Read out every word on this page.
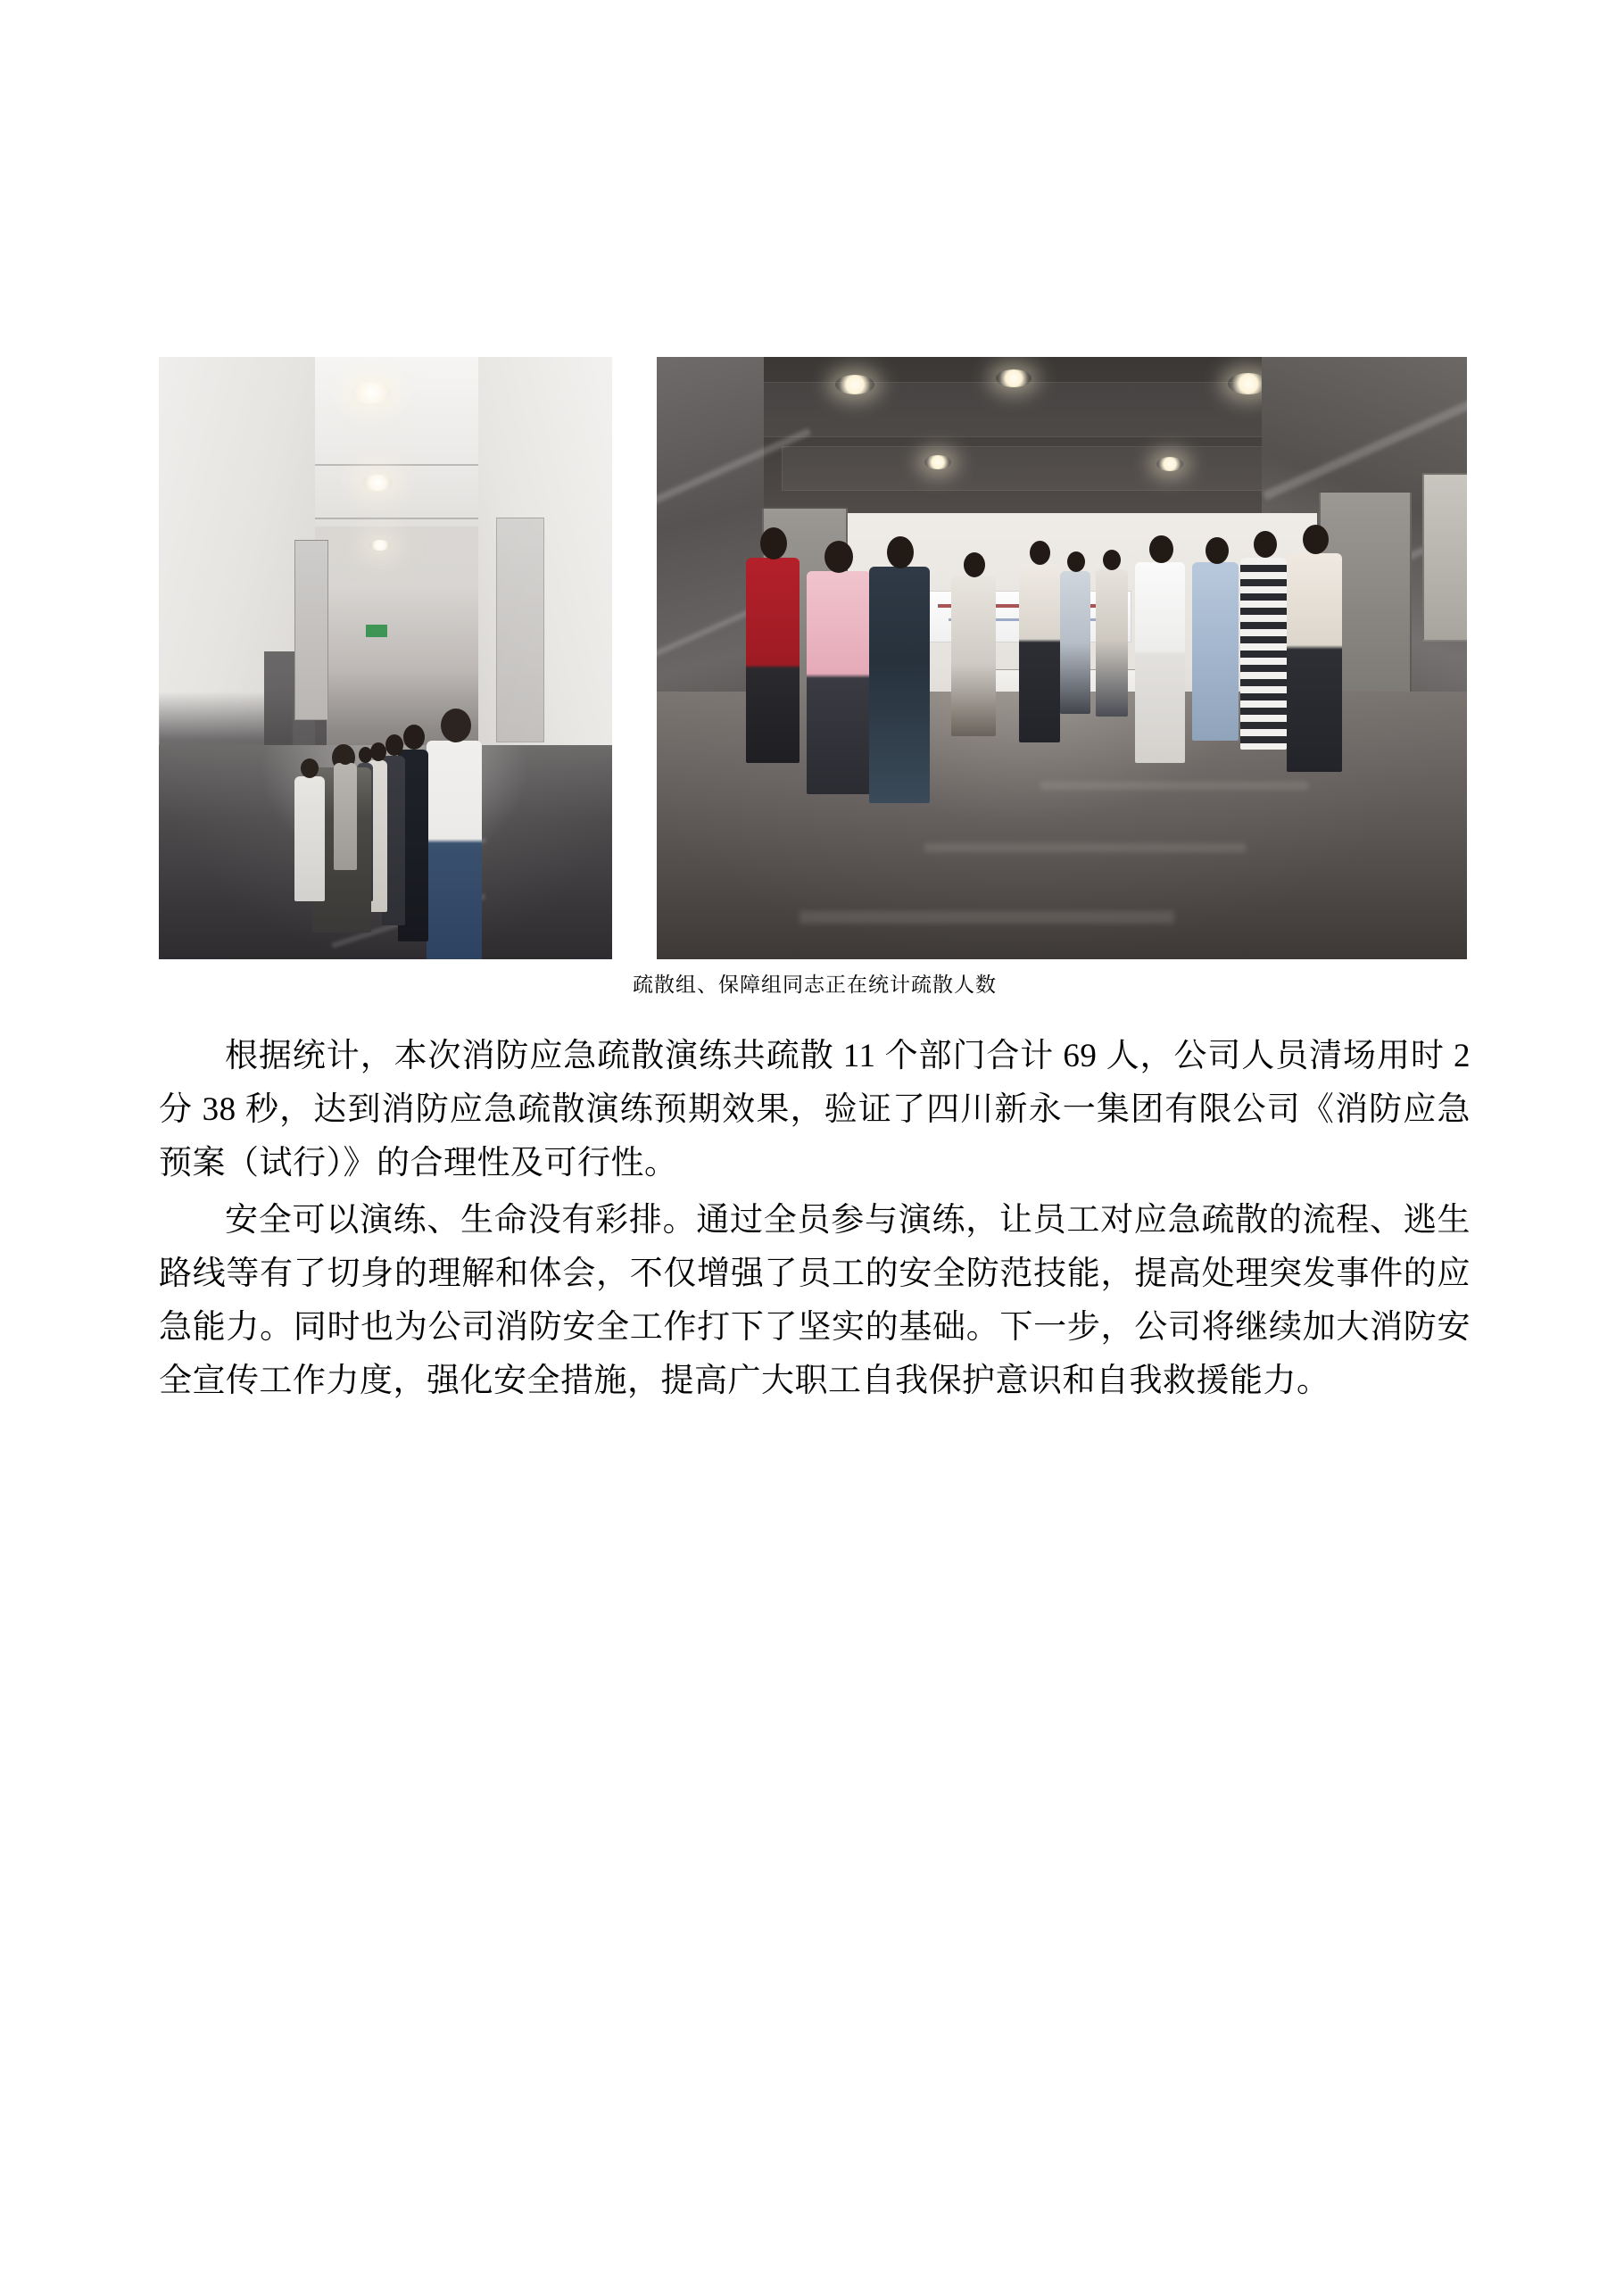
疏散组、保障组同志正在统计疏散人数

根据统计，本次消防应急疏散演练共疏散 11 个部门合计 69 人，公司人员清场用时 2 分 38 秒，达到消防应急疏散演练预期效果，验证了四川新永一集团有限公司《消防应急预案（试行）》的合理性及可行性。

安全可以演练、生命没有彩排。通过全员参与演练，让员工对应急疏散的流程、逃生路线等有了切身的理解和体会，不仅增强了员工的安全防范技能，提高处理突发事件的应急能力。同时也为公司消防安全工作打下了坚实的基础。下一步，公司将继续加大消防安全宣传工作力度，强化安全措施，提高广大职工自我保护意识和自我救援能力。
